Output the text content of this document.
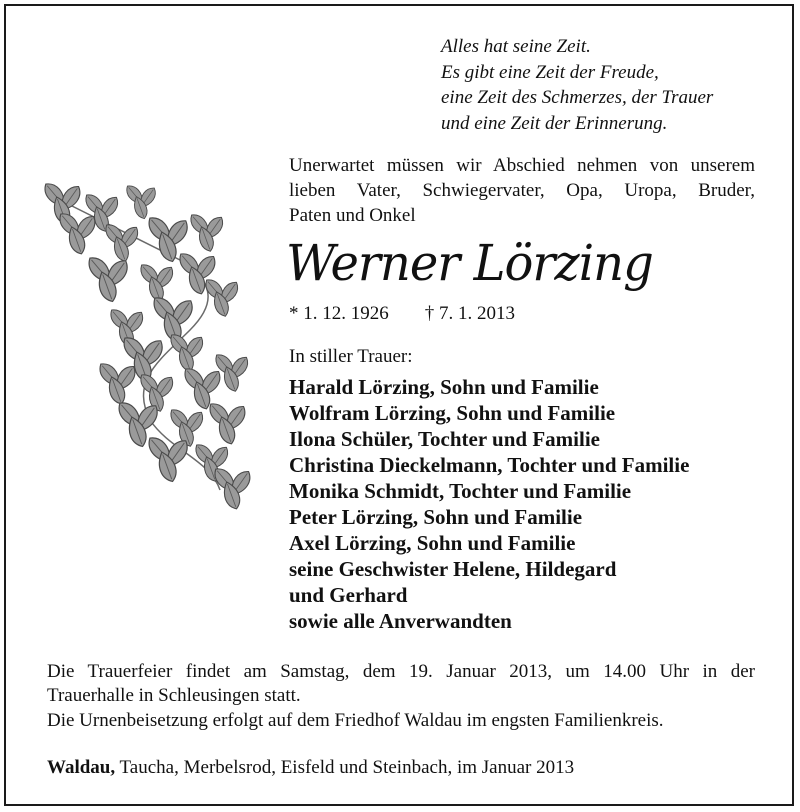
Alles hat seine Zeit.
Es gibt eine Zeit der Freude,
eine Zeit des Schmerzes, der Trauer
und eine Zeit der Erinnerung.
Unerwartet müssen wir Abschied nehmen von unserem
lieben Vater, Schwiegervater, Opa, Uropa, Bruder,
Paten und Onkel
Werner Lörzing
* 1. 12. 1926 † 7. 1. 2013
In stiller Trauer:
Harald Lörzing, Sohn und Familie
Wolfram Lörzing, Sohn und Familie
Ilona Schüler, Tochter und Familie
Christina Dieckelmann, Tochter und Familie
Monika Schmidt, Tochter und Familie
Peter Lörzing, Sohn und Familie
Axel Lörzing, Sohn und Familie
seine Geschwister Helene, Hildegard
und Gerhard
sowie alle Anverwandten
Die Trauerfeier findet am Samstag, dem 19. Januar 2013, um 14.00 Uhr in der
Trauerhalle in Schleusingen statt.
Die Urnenbeisetzung erfolgt auf dem Friedhof Waldau im engsten Familienkreis.
Waldau, Taucha, Merbelsrod, Eisfeld und Steinbach, im Januar 2013
